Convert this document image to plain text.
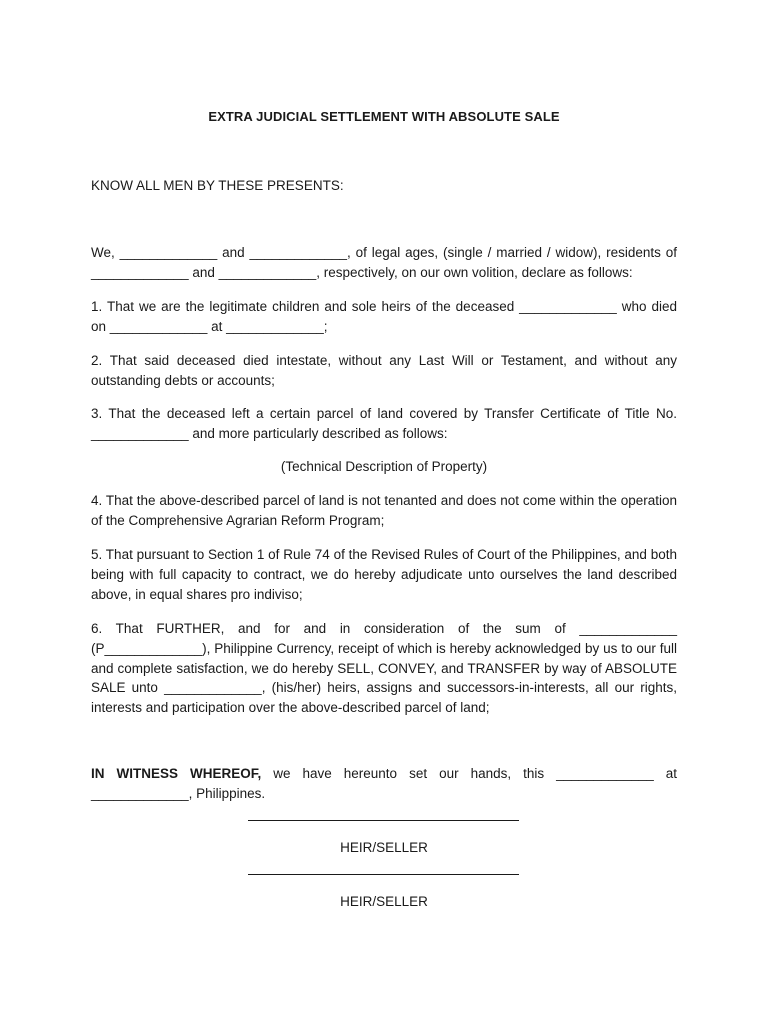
EXTRA JUDICIAL SETTLEMENT WITH ABSOLUTE SALE
KNOW ALL MEN BY THESE PRESENTS:

We, _____________ and _____________, of legal ages, (single / married / widow), residents of _____________ and _____________, respectively, on our own volition, declare as follows:

1. That we are the legitimate children and sole heirs of the deceased _____________ who died on _____________ at _____________;

2. That said deceased died intestate, without any Last Will or Testament, and without any outstanding debts or accounts;

3. That the deceased left a certain parcel of land covered by Transfer Certificate of Title No. _____________ and more particularly described as follows:

(Technical Description of Property)

4. That the above-described parcel of land is not tenanted and does not come within the operation of the Comprehensive Agrarian Reform Program;

5. That pursuant to Section 1 of Rule 74 of the Revised Rules of Court of the Philippines, and both being with full capacity to contract, we do hereby adjudicate unto ourselves the land described above, in equal shares pro indiviso;

6. That FURTHER, and for and in consideration of the sum of _____________ (P_____________), Philippine Currency, receipt of which is hereby acknowledged by us to our full and complete satisfaction, we do hereby SELL, CONVEY, and TRANSFER by way of ABSOLUTE SALE unto _____________, (his/her) heirs, assigns and successors-in-interests, all our rights, interests and participation over the above-described parcel of land;

IN WITNESS WHEREOF, we have hereunto set our hands, this _____________ at _____________, Philippines.

HEIR/SELLER
HEIR/SELLER
